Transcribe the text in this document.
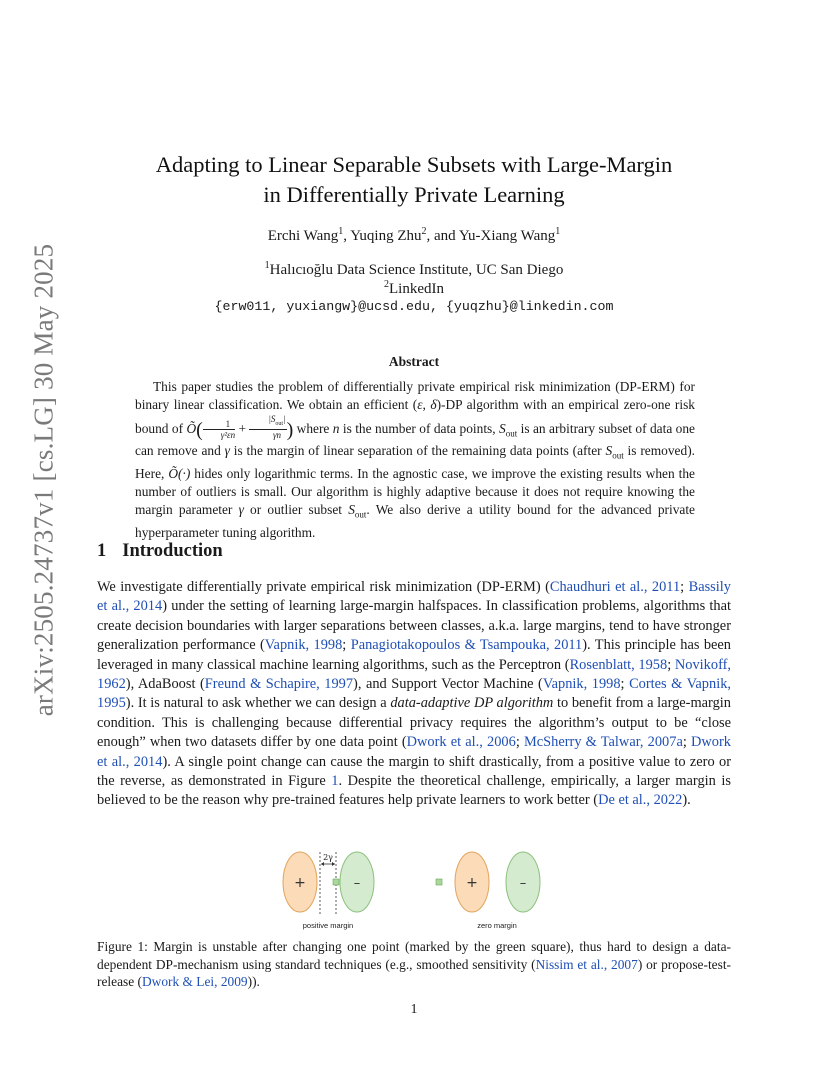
arXiv:2505.24737v1 [cs.LG] 30 May 2025
Adapting to Linear Separable Subsets with Large-Margin
in Differentially Private Learning
Erchi Wang$^1$, Yuqing Zhu$^2$, and Yu-Xiang Wang$^1$
$^1$Halıcıoğlu Data Science Institute, UC San Diego
$^2$LinkedIn
{erw011, yuxiangw}@ucsd.edu, {yuqzhu}@linkedin.com
Abstract
This paper studies the problem of differentially private empirical risk minimization (DP-ERM) for binary linear classification. We obtain an efficient (ε, δ)-DP algorithm with an empirical zero-one risk bound of Õ( $\frac{1}{\text{γ²εn}}$ +
$|S_{out}|$
γn ) where n is the number of data points, $S_{out}$ is an arbitrary subset of data one can remove and γ is the margin of linear separation of the remaining data points (after $S_{out}$ is removed). Here, Õ(·) hides only logarithmic terms. In the agnostic case, we improve the existing results when the number of outliers is small. Our algorithm is highly adaptive because it does not require knowing the margin parameter γ or outlier subset $S_{out}$. We also derive a utility bound for the advanced private hyperparameter tuning algorithm.
1 Introduction
We investigate differentially private empirical risk minimization (DP-ERM) (Chaudhuri et al., 2011; Bassily et al., 2014) under the setting of learning large-margin halfspaces. In classification problems, algorithms that create decision boundaries with larger separations between classes, a.k.a. large margins, tend to have stronger generalization performance (Vapnik, 1998; Panagiotakopoulos & Tsampouka, 2011). This principle has been leveraged in many classical machine learning algorithms, such as the Perceptron (Rosenblatt, 1958; Novikoff, 1962), AdaBoost (Freund & Schapire, 1997), and Support Vector Machine (Vapnik, 1998; Cortes & Vapnik, 1995). It is natural to ask whether we can design a data-adaptive DP algorithm to benefit from a large-margin condition. This is challenging because differential privacy requires the algorithm’s output to be “close enough” when two datasets differ by one data point (Dwork et al., 2006; McSherry & Talwar, 2007a; Dwork et al., 2014). A single point change can cause the margin to shift drastically, from a positive value to zero or the reverse, as demonstrated in Figure 1. Despite the theoretical challenge, empirically, a larger margin is believed to be the reason why pre-trained features help private learners to work better (De et al., 2022).
+
2γ
–
positive margin
+	–
zero margin
Figure 1: Margin is unstable after changing one point (marked by the green square), thus hard to design a data-dependent DP-mechanism using standard techniques (e.g., smoothed sensitivity (Nissim et al., 2007) or propose-test-release (Dwork & Lei, 2009)).
1
